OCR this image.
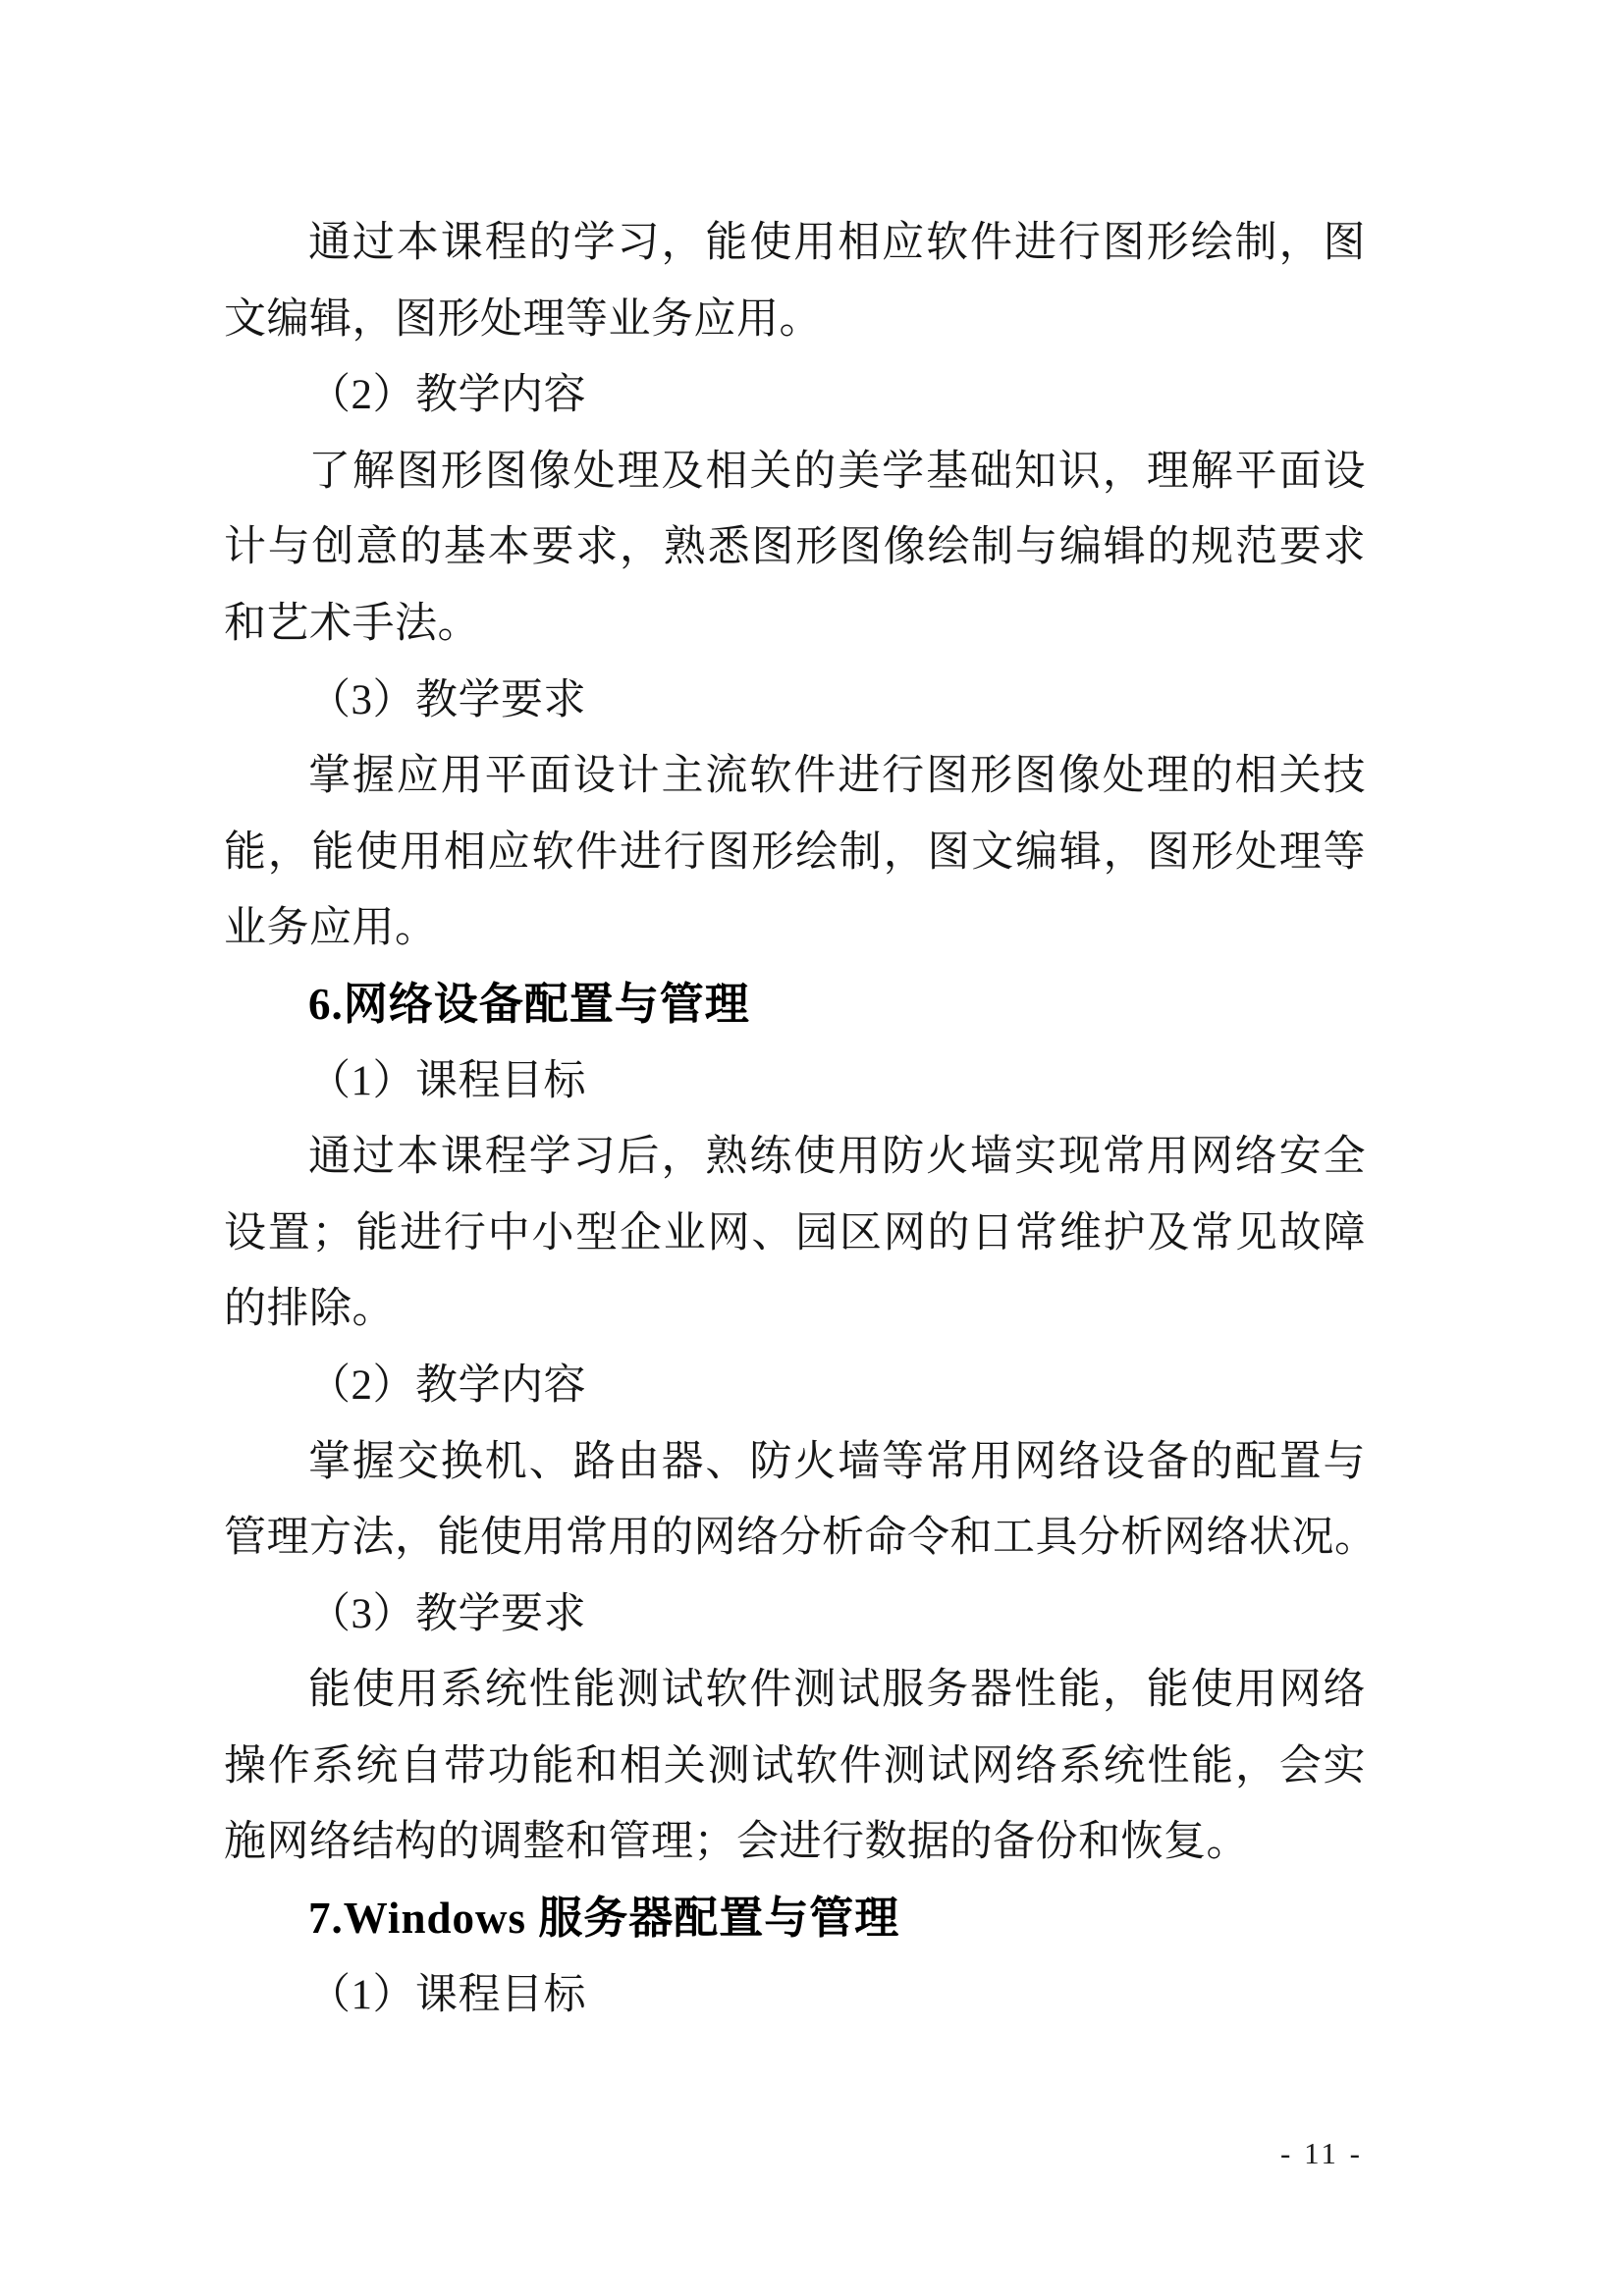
通过本课程的学习，能使用相应软件进行图形绘制，图
文编辑，图形处理等业务应用。
（2）教学内容
了解图形图像处理及相关的美学基础知识，理解平面设
计与创意的基本要求，熟悉图形图像绘制与编辑的规范要求
和艺术手法。
（3）教学要求
掌握应用平面设计主流软件进行图形图像处理的相关技
能，能使用相应软件进行图形绘制，图文编辑，图形处理等
业务应用。
6.网络设备配置与管理
（1）课程目标
通过本课程学习后，熟练使用防火墙实现常用网络安全
设置；能进行中小型企业网、园区网的日常维护及常见故障
的排除。
（2）教学内容
掌握交换机、路由器、防火墙等常用网络设备的配置与
管理方法，能使用常用的网络分析命令和工具分析网络状况。
（3）教学要求
能使用系统性能测试软件测试服务器性能，能使用网络
操作系统自带功能和相关测试软件测试网络系统性能，会实
施网络结构的调整和管理；会进行数据的备份和恢复。
7.Windows 服务器配置与管理
（1）课程目标
- 11 -
